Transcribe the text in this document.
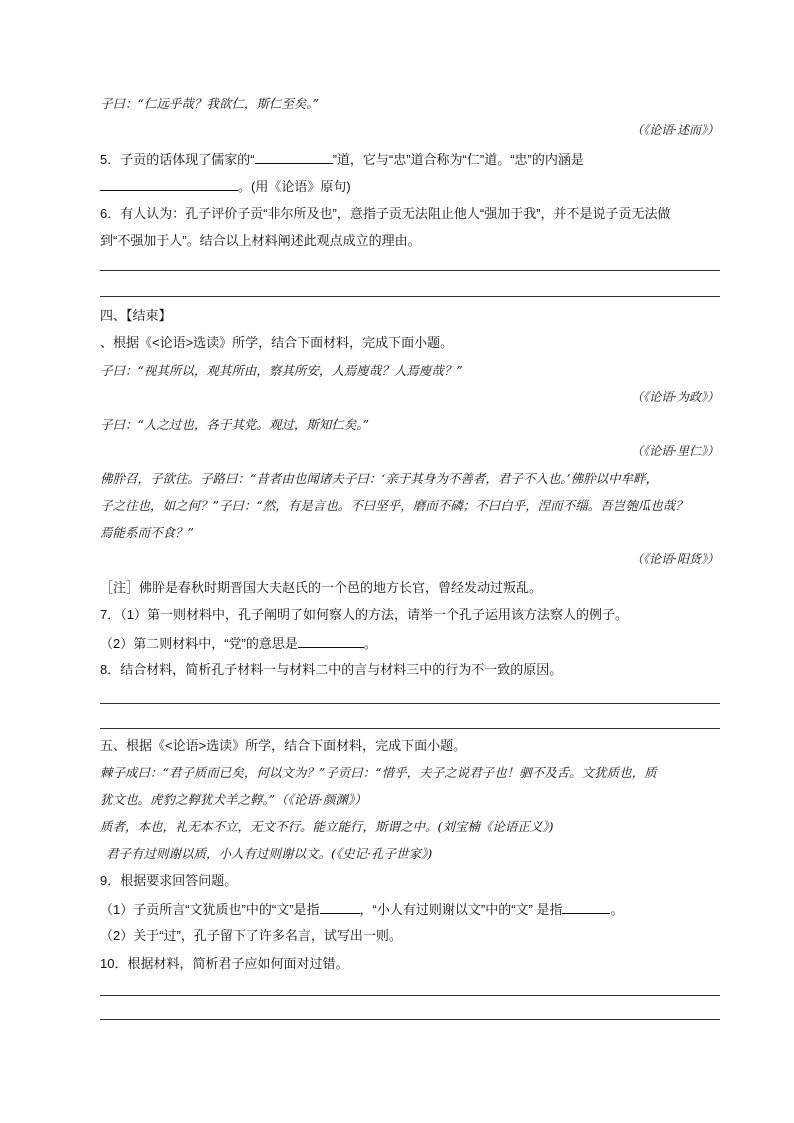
子曰：“仁远乎哉？我欲仁，斯仁至矣。”
（《论语·述而》）
5．子贡的话体现了儒家的“	”道，它与“忠”道合称为“仁”道。“忠”的内涵是
。(用《论语》原句)
6．有人认为：孔子评价子贡“非尔所及也”，意指子贡无法阻止他人“强加于我”，并不是说子贡无法做
到“不强加于人”。结合以上材料阐述此观点成立的理由。
四、【结束】
、根据《<论语>选读》所学，结合下面材料，完成下面小题。
子曰：“视其所以，观其所由，察其所安，人焉廋哉？人焉廋哉？”
（《论语·为政》）
子曰：“人之过也，各于其党。观过，斯知仁矣。”
（《论语·里仁》）
佛肸召，子欲往。子路曰：“昔者由也闻诸夫子曰：‘亲于其身为不善者，君子不入也。’佛肸以中牟畔，
子之往也，如之何？”子曰：“然，有是言也。不曰坚乎，磨而不磷；不曰白乎，涅而不缁。吾岂匏瓜也哉？
焉能系而不食？”
（《论语·阳货》）
［注］佛肸是春秋时期晋国大夫赵氏的一个邑的地方长官，曾经发动过叛乱。
7．（1）第一则材料中，孔子阐明了如何察人的方法，请举一个孔子运用该方法察人的例子。
（2）第二则材料中，“党”的意思是	。
8．结合材料，简析孔子材料一与材料二中的言与材料三中的行为不一致的原因。
五、根据《<论语>选读》所学，结合下面材料，完成下面小题。
棘子成曰：“君子质而已矣，何以文为？”子贡曰：“惜乎，夫子之说君子也！驷不及舌。文犹质也，质
犹文也。虎豹之鞟犹犬羊之鞟。”（《论语·颜渊》）
质者，本也，礼无本不立，无文不行。能立能行，斯谓之中。(刘宝楠《论语正义》)
君子有过则谢以质，小人有过则谢以文。(《史记·孔子世家》)
9．根据要求回答问题。
（1）子贡所言“文犹质也”中的“文”是指	，“小人有过则谢以文”中的“文” 是指	。
（2）关于“过”，孔子留下了许多名言，试写出一则。
10．根据材料，简析君子应如何面对过错。
